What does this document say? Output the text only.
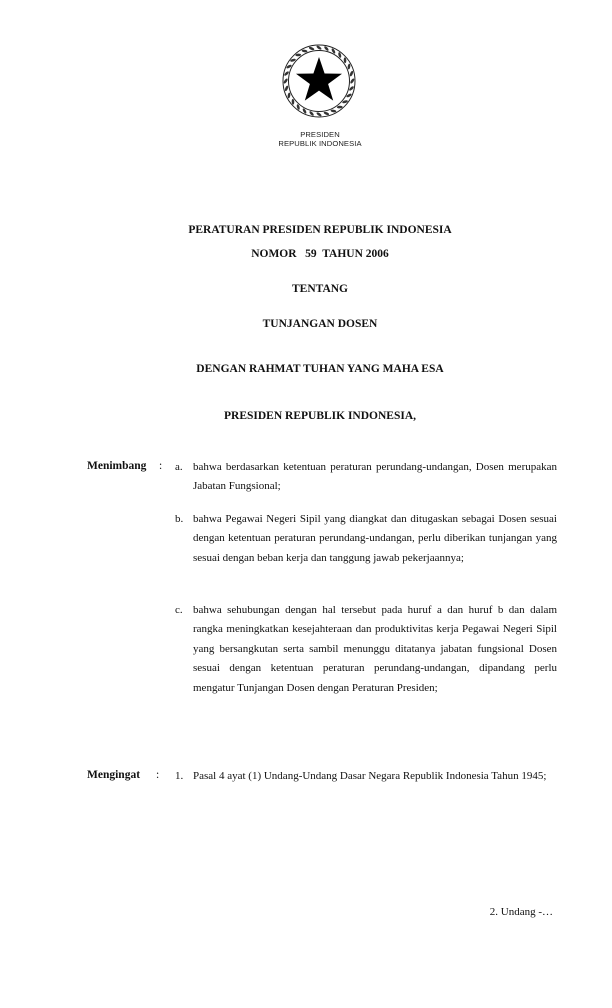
PRESIDEN
REPUBLIK INDONESIA
PERATURAN PRESIDEN REPUBLIK INDONESIA
NOMOR   59  TAHUN 2006
TENTANG
TUNJANGAN DOSEN
DENGAN RAHMAT TUHAN YANG MAHA ESA
PRESIDEN REPUBLIK INDONESIA,
Menimbang : a. bahwa berdasarkan ketentuan peraturan perundang-undangan, Dosen merupakan Jabatan Fungsional;
b. bahwa Pegawai Negeri Sipil yang diangkat dan ditugaskan sebagai Dosen sesuai dengan ketentuan peraturan perundang-undangan, perlu diberikan tunjangan yang sesuai dengan beban kerja dan tanggung jawab pekerjaannya;
c. bahwa sehubungan dengan hal tersebut pada huruf a dan huruf b dan dalam rangka meningkatkan kesejahteraan dan produktivitas kerja Pegawai Negeri Sipil yang bersangkutan serta sambil menunggu ditatanya jabatan fungsional Dosen sesuai dengan ketentuan peraturan perundang-undangan, dipandang perlu mengatur Tunjangan Dosen dengan Peraturan Presiden;
Mengingat : 1. Pasal 4 ayat (1) Undang-Undang Dasar Negara Republik Indonesia Tahun 1945;
2. Undang -…
